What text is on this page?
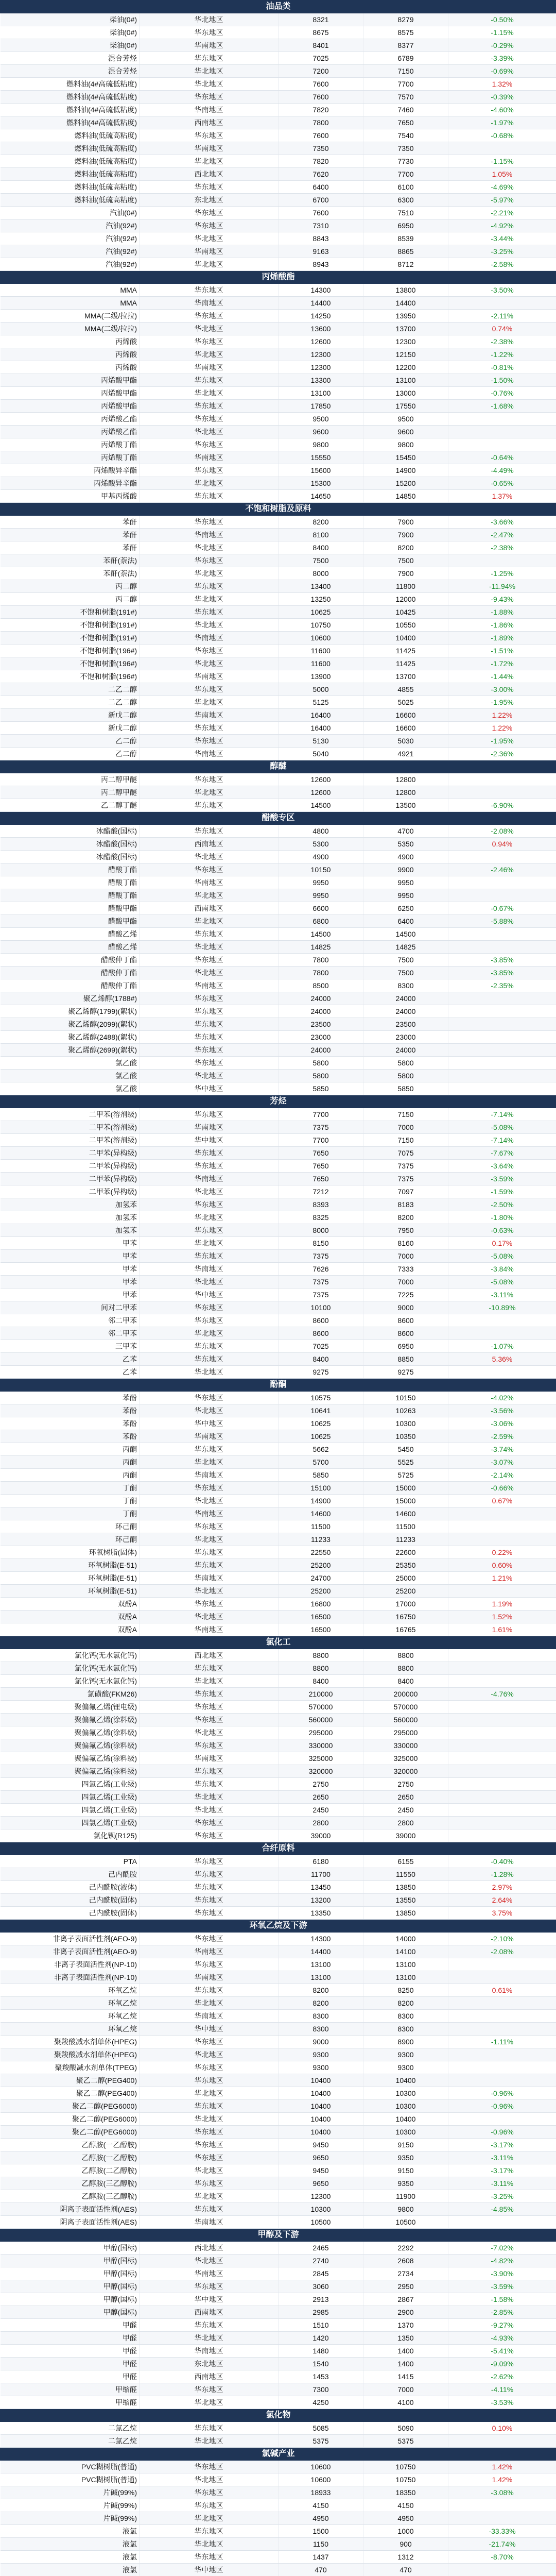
油品类				
柴油(0#)	华北地区	8321	8279	-0.50%
柴油(0#)	华东地区	8675	8575	-1.15%
柴油(0#)	华南地区	8401	8377	-0.29%
混合芳烃	华东地区	7025	6789	-3.39%
混合芳烃	华北地区	7200	7150	-0.69%
燃料油(4#高硫低粘度)	华北地区	7600	7700	1.32%
燃料油(4#高硫低粘度)	华东地区	7600	7570	-0.39%
燃料油(4#高硫低粘度)	华南地区	7820	7460	-4.60%
燃料油(4#高硫低粘度)	西南地区	7800	7650	-1.97%
燃料油(低硫高粘度)	华东地区	7600	7540	-0.68%
燃料油(低硫高粘度)	华南地区	7350	7350	
燃料油(低硫高粘度)	华北地区	7820	7730	-1.15%
燃料油(低硫高粘度)	西北地区	7620	7700	1.05%
燃料油(低硫高粘度)	华东地区	6400	6100	-4.69%
燃料油(低硫高粘度)	东北地区	6700	6300	-5.97%
汽油(0#)	华东地区	7600	7510	-2.21%
汽油(92#)	华东地区	7310	6950	-4.92%
汽油(92#)	华北地区	8843	8539	-3.44%
汽油(92#)	华南地区	9163	8865	-3.25%
汽油(92#)	华北地区	8943	8712	-2.58%
丙烯酸酯				
MMA	华东地区	14300	13800	-3.50%
MMA	华南地区	14400	14400	
MMA(二级/拉拉)	华东地区	14250	13950	-2.11%
MMA(二级/拉拉)	华北地区	13600	13700	0.74%
丙烯酸	华东地区	12600	12300	-2.38%
丙烯酸	华北地区	12300	12150	-1.22%
丙烯酸	华南地区	12300	12200	-0.81%
丙烯酸甲酯	华东地区	13300	13100	-1.50%
丙烯酸甲酯	华北地区	13100	13000	-0.76%
丙烯酸甲酯	华东地区	17850	17550	-1.68%
丙烯酸乙酯	华东地区	9500	9500	
丙烯酸乙酯	华北地区	9600	9600	
丙烯酸丁酯	华东地区	9800	9800	
丙烯酸丁酯	华南地区	15550	15450	-0.64%
丙烯酸异辛酯	华东地区	15600	14900	-4.49%
丙烯酸异辛酯	华北地区	15300	15200	-0.65%
甲基丙烯酸	华东地区	14650	14850	1.37%
不饱和树脂及原料				
苯酐	华东地区	8200	7900	-3.66%
苯酐	华南地区	8100	7900	-2.47%
苯酐	华北地区	8400	8200	-2.38%
苯酐(萘法)	华东地区	7500	7500	
苯酐(萘法)	华北地区	8000	7900	-1.25%
丙二醇	华东地区	13400	11800	-11.94%
丙二醇	华北地区	13250	12000	-9.43%
不饱和树脂(191#)	华东地区	10625	10425	-1.88%
不饱和树脂(191#)	华北地区	10750	10550	-1.86%
不饱和树脂(191#)	华南地区	10600	10400	-1.89%
不饱和树脂(196#)	华东地区	11600	11425	-1.51%
不饱和树脂(196#)	华北地区	11600	11425	-1.72%
不饱和树脂(196#)	华南地区	13900	13700	-1.44%
二乙二醇	华东地区	5000	4855	-3.00%
二乙二醇	华北地区	5125	5025	-1.95%
新戊二醇	华南地区	16400	16600	1.22%
新戊二醇	华东地区	16400	16600	1.22%
乙二醇	华东地区	5130	5030	-1.95%
乙二醇	华南地区	5040	4921	-2.36%
醇醚				
丙二醇甲醚	华东地区	12600	12800	
丙二醇甲醚	华北地区	12600	12800	
乙二醇丁醚	华东地区	14500	13500	-6.90%
醋酸专区				
冰醋酸(国标)	华东地区	4800	4700	-2.08%
冰醋酸(国标)	西南地区	5300	5350	0.94%
冰醋酸(国标)	华北地区	4900	4900	
醋酸丁酯	华东地区	10150	9900	-2.46%
醋酸丁酯	华南地区	9950	9950	
醋酸丁酯	华北地区	9950	9950	
醋酸甲酯	西南地区	6600	6250	-0.67%
醋酸甲酯	华北地区	6800	6400	-5.88%
醋酸乙烯	华东地区	14500	14500	
醋酸乙烯	华北地区	14825	14825	
醋酸仲丁酯	华东地区	7800	7500	-3.85%
醋酸仲丁酯	华北地区	7800	7500	-3.85%
醋酸仲丁酯	华南地区	8500	8300	-2.35%
聚乙烯醇(1788#)	华东地区	24000	24000	
聚乙烯醇(1799)(絮状)	华东地区	24000	24000	
聚乙烯醇(2099)(絮状)	华东地区	23500	23500	
聚乙烯醇(2488)(絮状)	华东地区	23000	23000	
聚乙烯醇(2699)(絮状)	华东地区	24000	24000	
氯乙酸	华东地区	5800	5800	
氯乙酸	华北地区	5800	5800	
氯乙酸	华中地区	5850	5850	
芳烃				
二甲苯(溶剂级)	华东地区	7700	7150	-7.14%
二甲苯(溶剂级)	华南地区	7375	7000	-5.08%
二甲苯(溶剂级)	华中地区	7700	7150	-7.14%
二甲苯(异构级)	华东地区	7650	7075	-7.67%
二甲苯(异构级)	华东地区	7650	7375	-3.64%
二甲苯(异构级)	华南地区	7650	7375	-3.59%
二甲苯(异构级)	华北地区	7212	7097	-1.59%
加氢苯	华东地区	8393	8183	-2.50%
加氢苯	华北地区	8325	8200	-1.80%
加氢苯	华东地区	8000	7950	-0.63%
甲苯	华北地区	8150	8160	0.17%
甲苯	华东地区	7375	7000	-5.08%
甲苯	华南地区	7626	7333	-3.84%
甲苯	华北地区	7375	7000	-5.08%
甲苯	华中地区	7375	7225	-3.11%
间对二甲苯	华东地区	10100	9000	-10.89%
邻二甲苯	华东地区	8600	8600	
邻二甲苯	华北地区	8600	8600	
三甲苯	华东地区	7025	6950	-1.07%
乙苯	华东地区	8400	8850	5.36%
乙苯	华北地区	9275	9275	
酚酮				
苯酚	华东地区	10575	10150	-4.02%
苯酚	华北地区	10641	10263	-3.56%
苯酚	华中地区	10625	10300	-3.06%
苯酚	华南地区	10625	10350	-2.59%
丙酮	华东地区	5662	5450	-3.74%
丙酮	华北地区	5700	5525	-3.07%
丙酮	华南地区	5850	5725	-2.14%
丁酮	华东地区	15100	15000	-0.66%
丁酮	华北地区	14900	15000	0.67%
丁酮	华南地区	14600	14600	
环己酮	华东地区	11500	11500	
环己酮	华北地区	11233	11233	
环氧树脂(固体)	华东地区	22550	22600	0.22%
环氧树脂(E-51)	华东地区	25200	25350	0.60%
环氧树脂(E-51)	华南地区	24700	25000	1.21%
环氧树脂(E-51)	华北地区	25200	25200	
双酚A	华东地区	16800	17000	1.19%
双酚A	华北地区	16500	16750	1.52%
双酚A	华南地区	16500	16765	1.61%
氯化工				
氯化钙(无水氯化钙)	西北地区	8800	8800	
氯化钙(无水氯化钙)	华东地区	8800	8800	
氯化钙(无水氯化钙)	华北地区	8400	8400	
氯磺酸(FKM26)	华东地区	210000	200000	-4.76%
聚偏氟乙烯(锂电级)	华东地区	570000	570000	
聚偏氟乙烯(涂料级)	华东地区	560000	560000	
聚偏氟乙烯(涂料级)	华北地区	295000	295000	
聚偏氟乙烯(涂料级)	华东地区	330000	330000	
聚偏氟乙烯(涂料级)	华南地区	325000	325000	
聚偏氟乙烯(涂料级)	华东地区	320000	320000	
四氯乙烯(工业级)	华东地区	2750	2750	
四氯乙烯(工业级)	华北地区	2650	2650	
四氯乙烯(工业级)	华北地区	2450	2450	
四氯乙烯(工业级)	华东地区	2800	2800	
氯化钡(R125)	华东地区	39000	39000	
合纤原料				
PTA	华东地区	6180	6155	-0.40%
己内酰胺	华东地区	11700	11550	-1.28%
己内酰胺(液体)	华东地区	13450	13850	2.97%
己内酰胺(固体)	华东地区	13200	13550	2.64%
己内酰胺(固体)	华东地区	13350	13850	3.75%
环氧乙烷及下游				
非离子表面活性剂(AEO-9)	华东地区	14300	14000	-2.10%
非离子表面活性剂(AEO-9)	华南地区	14400	14100	-2.08%
非离子表面活性剂(NP-10)	华东地区	13100	13100	
非离子表面活性剂(NP-10)	华南地区	13100	13100	
环氧乙烷	华东地区	8200	8250	0.61%
环氧乙烷	华北地区	8200	8200	
环氧乙烷	华南地区	8300	8300	
环氧乙烷	华中地区	8300	8300	
聚羧酸减水剂单体(HPEG)	华东地区	9000	8900	-1.11%
聚羧酸减水剂单体(HPEG)	华北地区	9300	9300	
聚羧酸减水剂单体(TPEG)	华东地区	9300	9300	
聚乙二醇(PEG400)	华东地区	10400	10400	
聚乙二醇(PEG400)	华北地区	10400	10300	-0.96%
聚乙二醇(PEG6000)	华东地区	10400	10300	-0.96%
聚乙二醇(PEG6000)	华北地区	10400	10400	
聚乙二醇(PEG6000)	华东地区	10400	10300	-0.96%
乙醇胺(一乙醇胺)	华东地区	9450	9150	-3.17%
乙醇胺(一乙醇胺)	华东地区	9650	9350	-3.11%
乙醇胺(二乙醇胺)	华北地区	9450	9150	-3.17%
乙醇胺(三乙醇胺)	华东地区	9650	9350	-3.11%
乙醇胺(三乙醇胺)	华北地区	12300	11900	-3.25%
阴离子表面活性剂(AES)	华东地区	10300	9800	-4.85%
阴离子表面活性剂(AES)	华南地区	10500	10500	
甲醇及下游				
甲醇(国标)	西北地区	2465	2292	-7.02%
甲醇(国标)	华北地区	2740	2608	-4.82%
甲醇(国标)	华南地区	2845	2734	-3.90%
甲醇(国标)	华东地区	3060	2950	-3.59%
甲醇(国标)	华中地区	2913	2867	-1.58%
甲醇(国标)	西南地区	2985	2900	-2.85%
甲醛	华东地区	1510	1370	-9.27%
甲醛	华北地区	1420	1350	-4.93%
甲醛	华南地区	1480	1400	-5.41%
甲醛	东北地区	1540	1400	-9.09%
甲醛	西南地区	1453	1415	-2.62%
甲缩醛	华东地区	7300	7000	-4.11%
甲缩醛	华北地区	4250	4100	-3.53%
氯化物				
二氯乙烷	华东地区	5085	5090	0.10%
二氯乙烷	华北地区	5375	5375	
氯碱产业				
PVC糊树脂(普通)	华东地区	10600	10750	1.42%
PVC糊树脂(普通)	华北地区	10600	10750	1.42%
片碱(99%)	华东地区	18933	18350	-3.08%
片碱(99%)	华东地区	4150	4150	
片碱(99%)	华北地区	4950	4950	
液氯	华东地区	1500	1000	-33.33%
液氯	华北地区	1150	900	-21.74%
液氯	华东地区	1437	1312	-8.70%
液氯	华中地区	470	470	
